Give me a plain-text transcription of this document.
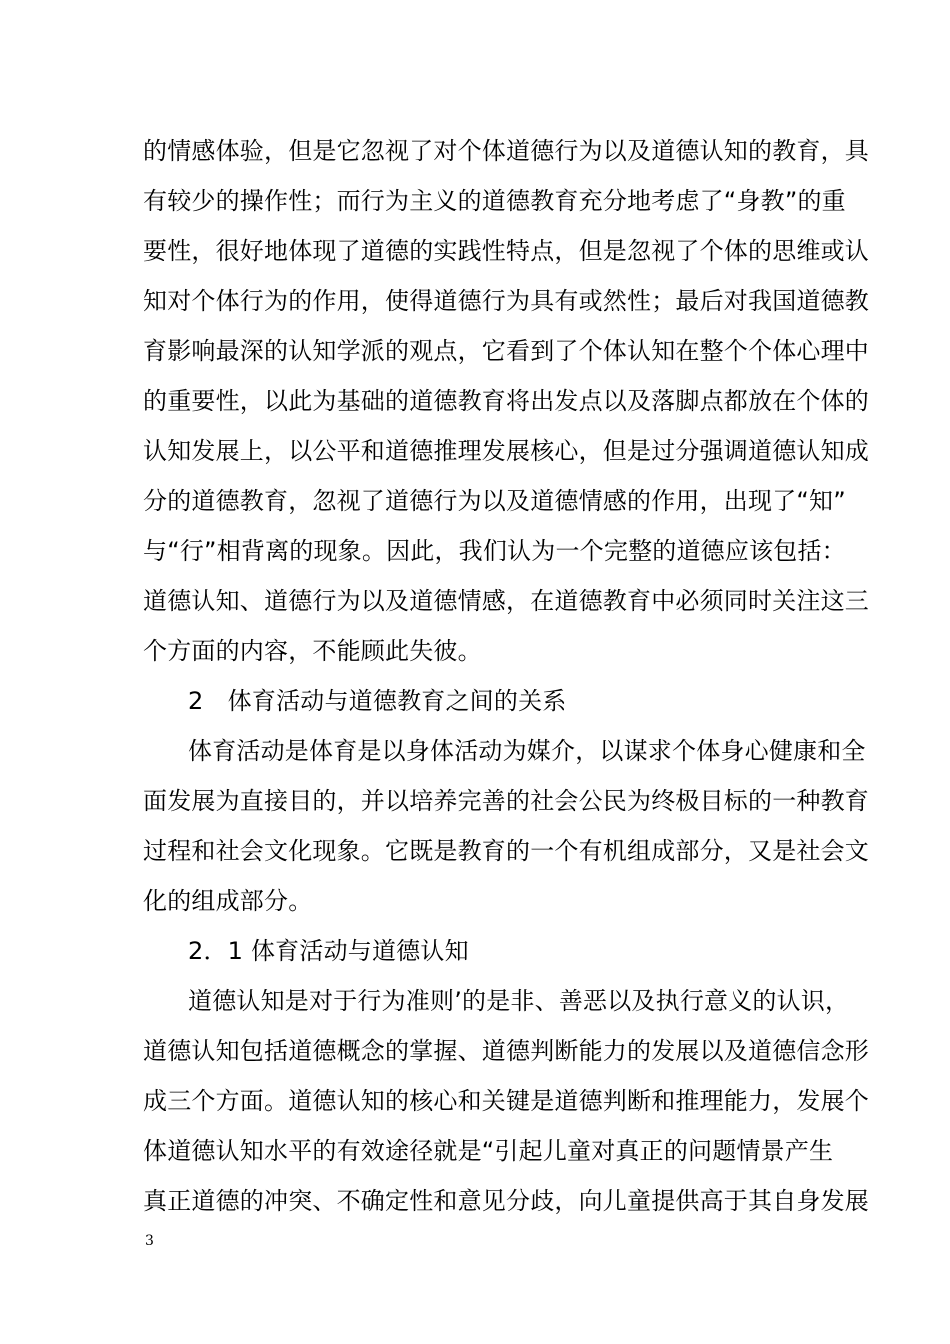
的情感体验，但是它忽视了对个体道德行为以及道德认知的教育，具
有较少的操作性；而行为主义的道德教育充分地考虑了“身教”的重
要性，很好地体现了道德的实践性特点，但是忽视了个体的思维或认
知对个体行为的作用，使得道德行为具有或然性；最后对我国道德教
育影响最深的认知学派的观点，它看到了个体认知在整个个体心理中
的重要性，以此为基础的道德教育将出发点以及落脚点都放在个体的
认知发展上，以公平和道德推理发展核心，但是过分强调道德认知成
分的道德教育，忽视了道德行为以及道德情感的作用，出现了“知”
与“行”相背离的现象。因此，我们认为一个完整的道德应该包括：
道德认知、道德行为以及道德情感，在道德教育中必须同时关注这三
个方面的内容，不能顾此失彼。
2　体育活动与道德教育之间的关系
体育活动是体育是以身体活动为媒介，以谋求个体身心健康和全
面发展为直接目的，并以培养完善的社会公民为终极目标的一种教育
过程和社会文化现象。它既是教育的一个有机组成部分，又是社会文
化的组成部分。
2．1 体育活动与道德认知
道德认知是对于行为准则’的是非、善恶以及执行意义的认识，
道德认知包括道德概念的掌握、道德判断能力的发展以及道德信念形
成三个方面。道德认知的核心和关键是道德判断和推理能力，发展个
体道德认知水平的有效途径就是“引起儿童对真正的问题情景产生
真正道德的冲突、不确定性和意见分歧，向儿童提供高于其自身发展
3
